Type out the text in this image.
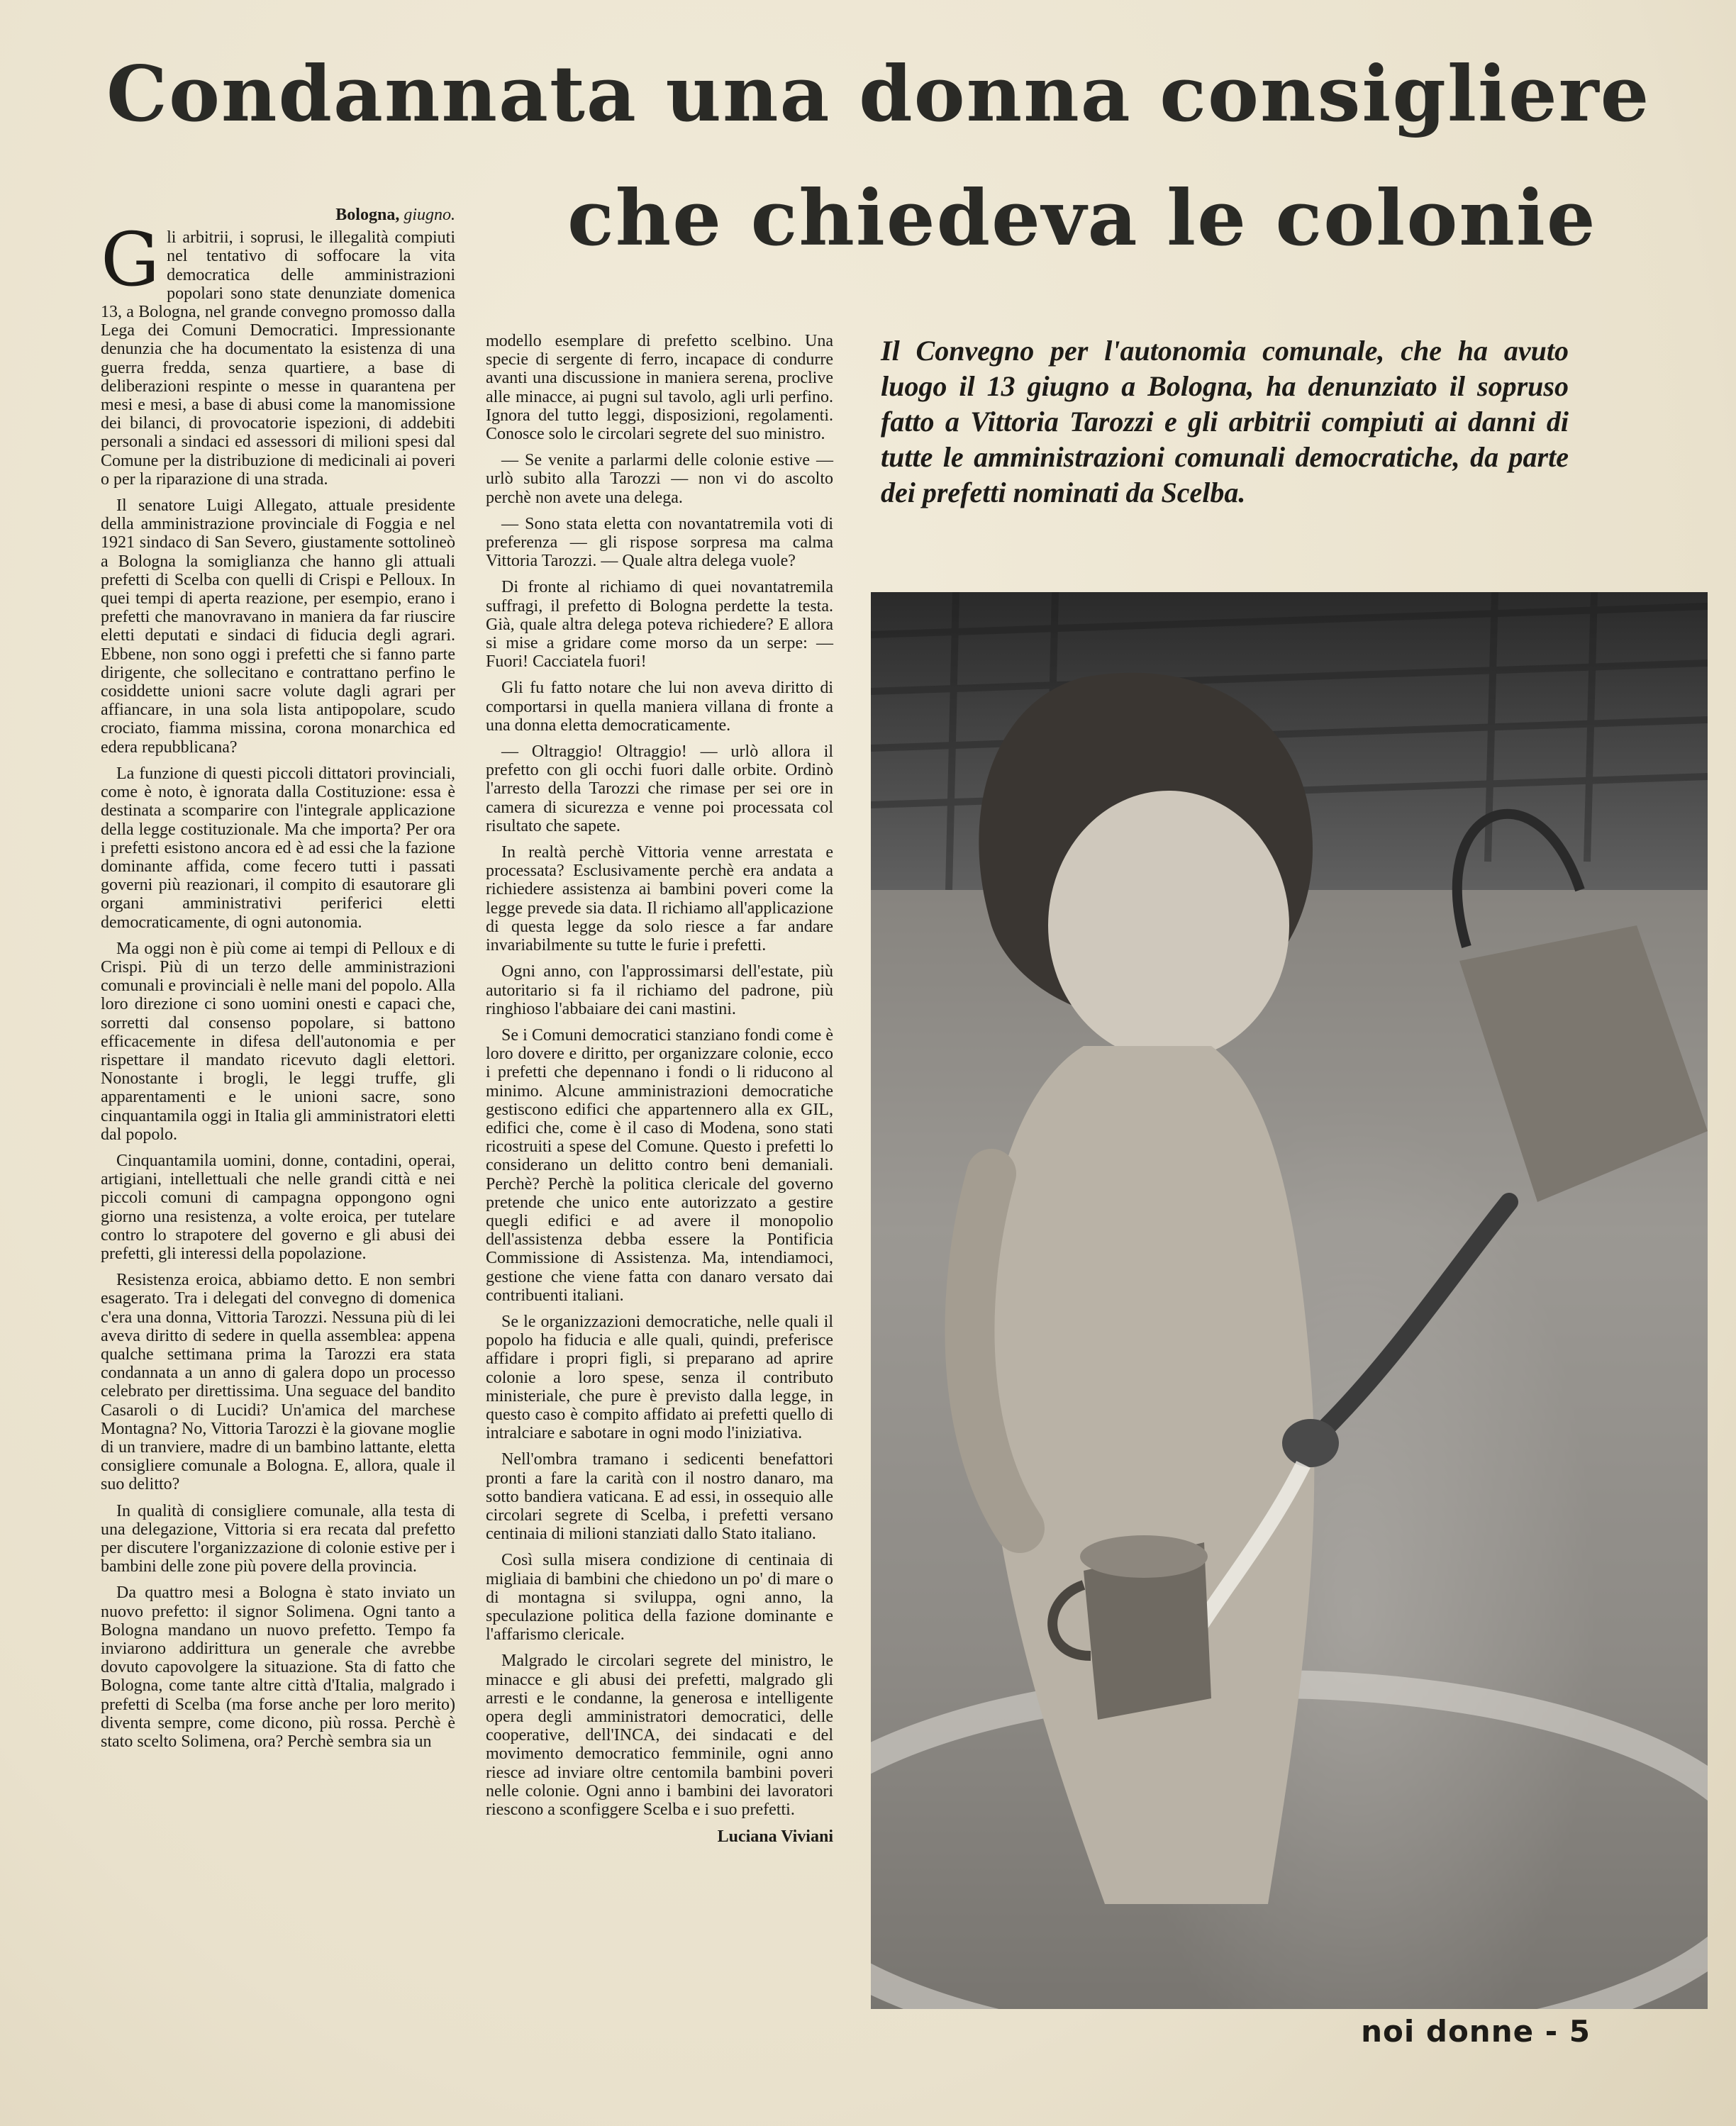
Condannata una donna consigliere
che chiedeva le colonie
Bologna, giugno.

Gli arbitrii, i soprusi, le illegalità compiuti nel tentativo di soffocare la vita democratica delle amministrazioni popolari sono state denunziate domenica 13, a Bologna, nel grande convegno promosso dalla Lega dei Comuni Democratici. Impressionante denunzia che ha documentato la esistenza di una guerra fredda, senza quartiere, a base di deliberazioni respinte o messe in quarantena per mesi e mesi, a base di abusi come la manomissione dei bilanci, di provocatorie ispezioni, di addebiti personali a sindaci ed assessori di milioni spesi dal Comune per la distribuzione di medicinali ai poveri o per la riparazione di una strada.

Il senatore Luigi Allegato, attuale presidente della amministrazione provinciale di Foggia e nel 1921 sindaco di San Severo, giustamente sottolineò a Bologna la somiglianza che hanno gli attuali prefetti di Scelba con quelli di Crispi e Pelloux. In quei tempi di aperta reazione, per esempio, erano i prefetti che manovravano in maniera da far riuscire eletti deputati e sindaci di fiducia degli agrari. Ebbene, non sono oggi i prefetti che si fanno parte dirigente, che sollecitano e contrattano perfino le cosiddette unioni sacre volute dagli agrari per affiancare, in una sola lista antipopolare, scudo crociato, fiamma missina, corona monarchica ed edera repubblicana?

La funzione di questi piccoli dittatori provinciali, come è noto, è ignorata dalla Costituzione: essa è destinata a scomparire con l'integrale applicazione della legge costituzionale. Ma che importa? Per ora i prefetti esistono ancora ed è ad essi che la fazione dominante affida, come fecero tutti i passati governi più reazionari, il compito di esautorare gli organi amministrativi periferici eletti democraticamente, di ogni autonomia.

Ma oggi non è più come ai tempi di Pelloux e di Crispi. Più di un terzo delle amministrazioni comunali e provinciali è nelle mani del popolo. Alla loro direzione ci sono uomini onesti e capaci che, sorretti dal consenso popolare, si battono efficacemente in difesa dell'autonomia e per rispettare il mandato ricevuto dagli elettori. Nonostante i brogli, le leggi truffe, gli apparentamenti e le unioni sacre, sono cinquantamila oggi in Italia gli amministratori eletti dal popolo.

Cinquantamila uomini, donne, contadini, operai, artigiani, intellettuali che nelle grandi città e nei piccoli comuni di campagna oppongono ogni giorno una resistenza, a volte eroica, per tutelare contro lo strapotere del governo e gli abusi dei prefetti, gli interessi della popolazione.

Resistenza eroica, abbiamo detto. E non sembri esagerato. Tra i delegati del convegno di domenica c'era una donna, Vittoria Tarozzi. Nessuna più di lei aveva diritto di sedere in quella assemblea: appena qualche settimana prima la Tarozzi era stata condannata a un anno di galera dopo un processo celebrato per direttissima. Una seguace del bandito Casaroli o di Lucidi? Un'amica del marchese Montagna? No, Vittoria Tarozzi è la giovane moglie di un tranviere, madre di un bambino lattante, eletta consigliere comunale a Bologna. E, allora, quale il suo delitto?

In qualità di consigliere comunale, alla testa di una delegazione, Vittoria si era recata dal prefetto per discutere l'organizzazione di colonie estive per i bambini delle zone più povere della provincia.

Da quattro mesi a Bologna è stato inviato un nuovo prefetto: il signor Solimena. Ogni tanto a Bologna mandano un nuovo prefetto. Tempo fa inviarono addirittura un generale che avrebbe dovuto capovolgere la situazione. Sta di fatto che Bologna, come tante altre città d'Italia, malgrado i prefetti di Scelba (ma forse anche per loro merito) diventa sempre, come dicono, più rossa. Perchè è stato scelto Solimena, ora? Perchè sembra sia un

modello esemplare di prefetto scelbino. Una specie di sergente di ferro, incapace di condurre avanti una discussione in maniera serena, proclive alle minacce, ai pugni sul tavolo, agli urli perfino. Ignora del tutto leggi, disposizioni, regolamenti. Conosce solo le circolari segrete del suo ministro.

— Se venite a parlarmi delle colonie estive — urlò subito alla Tarozzi — non vi do ascolto perchè non avete una delega.

— Sono stata eletta con novantatremila voti di preferenza — gli rispose sorpresa ma calma Vittoria Tarozzi. — Quale altra delega vuole?

Di fronte al richiamo di quei novantatremila suffragi, il prefetto di Bologna perdette la testa. Già, quale altra delega poteva richiedere? E allora si mise a gridare come morso da un serpe: — Fuori! Cacciatela fuori!

Gli fu fatto notare che lui non aveva diritto di comportarsi in quella maniera villana di fronte a una donna eletta democraticamente.

— Oltraggio! Oltraggio! — urlò allora il prefetto con gli occhi fuori dalle orbite. Ordinò l'arresto della Tarozzi che rimase per sei ore in camera di sicurezza e venne poi processata col risultato che sapete.

In realtà perchè Vittoria venne arrestata e processata? Esclusivamente perchè era andata a richiedere assistenza ai bambini poveri come la legge prevede sia data. Il richiamo all'applicazione di questa legge da solo riesce a far andare invariabilmente su tutte le furie i prefetti.

Ogni anno, con l'approssimarsi dell'estate, più autoritario si fa il richiamo del padrone, più ringhioso l'abbaiare dei cani mastini.

Se i Comuni democratici stanziano fondi come è loro dovere e diritto, per organizzare colonie, ecco i prefetti che depennano i fondi o li riducono al minimo. Alcune amministrazioni democratiche gestiscono edifici che appartennero alla ex GIL, edifici che, come è il caso di Modena, sono stati ricostruiti a spese del Comune. Questo i prefetti lo considerano un delitto contro beni demaniali. Perchè? Perchè la politica clericale del governo pretende che unico ente autorizzato a gestire quegli edifici e ad avere il monopolio dell'assistenza debba essere la Pontificia Commissione di Assistenza. Ma, intendiamoci, gestione che viene fatta con danaro versato dai contribuenti italiani.

Se le organizzazioni democratiche, nelle quali il popolo ha fiducia e alle quali, quindi, preferisce affidare i propri figli, si preparano ad aprire colonie a loro spese, senza il contributo ministeriale, che pure è previsto dalla legge, in questo caso è compito affidato ai prefetti quello di intralciare e sabotare in ogni modo l'iniziativa.

Nell'ombra tramano i sedicenti benefattori pronti a fare la carità con il nostro danaro, ma sotto bandiera vaticana. E ad essi, in ossequio alle circolari segrete di Scelba, i prefetti versano centinaia di milioni stanziati dallo Stato italiano.

Così sulla misera condizione di centinaia di migliaia di bambini che chiedono un po' di mare o di montagna si sviluppa, ogni anno, la speculazione politica della fazione dominante e l'affarismo clericale.

Malgrado le circolari segrete del ministro, le minacce e gli abusi dei prefetti, malgrado gli arresti e le condanne, la generosa e intelligente opera degli amministratori democratici, delle cooperative, dell'INCA, dei sindacati e del movimento democratico femminile, ogni anno riesce ad inviare oltre centomila bambini poveri nelle colonie. Ogni anno i bambini dei lavoratori riescono a sconfiggere Scelba e i suo prefetti.

Luciana Viviani

Il Convegno per l'autonomia comunale, che ha avuto luogo il 13 giugno a Bologna, ha denunziato il sopruso fatto a Vittoria Tarozzi e gli arbitrii compiuti ai danni di tutte le amministrazioni comunali democratiche, da parte dei prefetti nominati da Scelba.

noi donne - 5
